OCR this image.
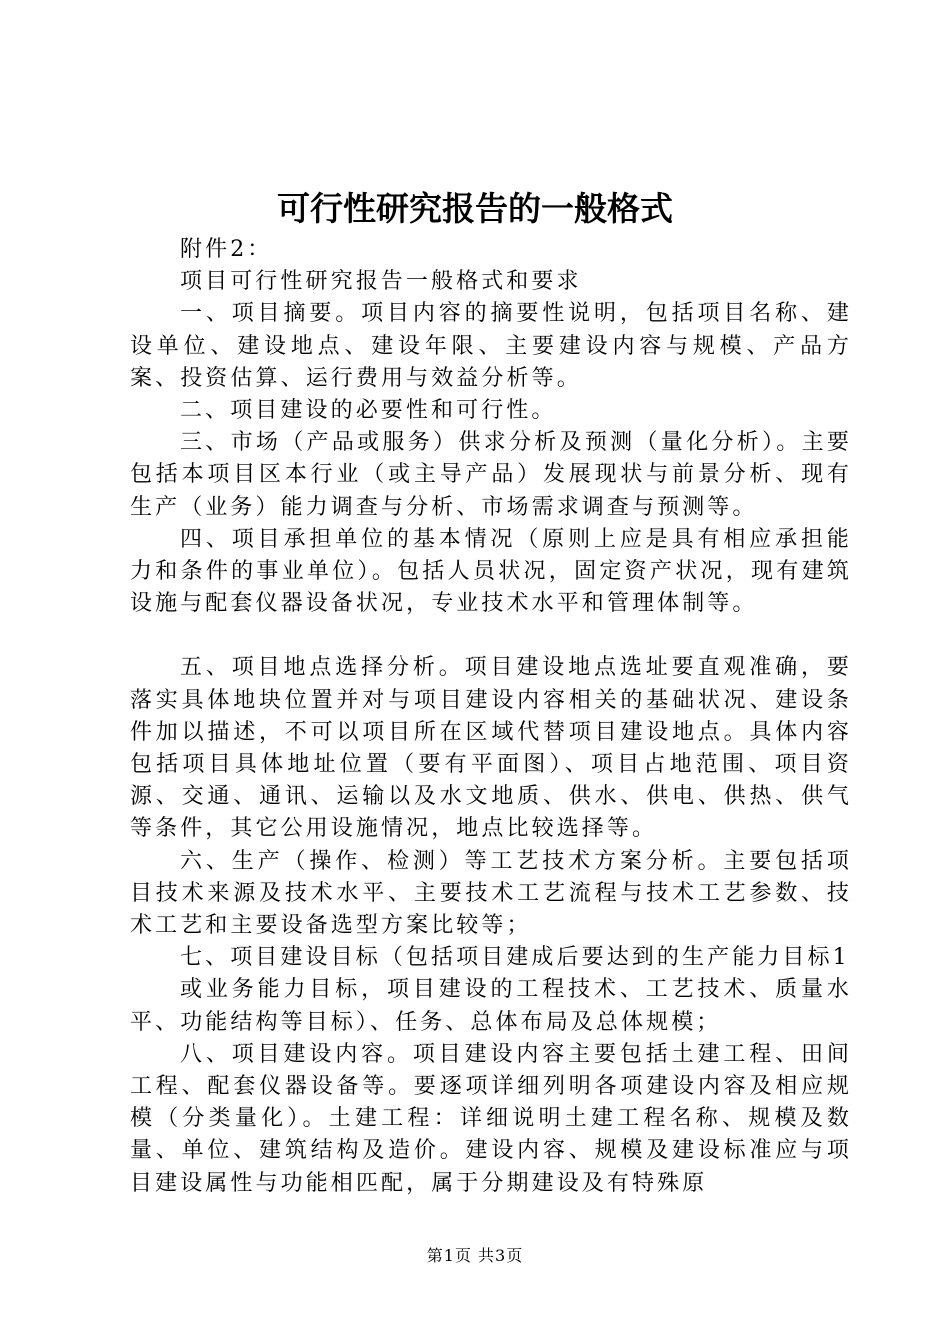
可行性研究报告的一般格式

附件2：

项目可行性研究报告一般格式和要求

一、项目摘要。项目内容的摘要性说明，包括项目名称、建设单位、建设地点、建设年限、主要建设内容与规模、产品方案、投资估算、运行费用与效益分析等。

二、项目建设的必要性和可行性。

三、市场（产品或服务）供求分析及预测（量化分析）。主要包括本项目区本行业（或主导产品）发展现状与前景分析、现有生产（业务）能力调查与分析、市场需求调查与预测等。

四、项目承担单位的基本情况（原则上应是具有相应承担能力和条件的事业单位）。包括人员状况，固定资产状况，现有建筑设施与配套仪器设备状况，专业技术水平和管理体制等。

五、项目地点选择分析。项目建设地点选址要直观准确，要落实具体地块位置并对与项目建设内容相关的基础状况、建设条件加以描述，不可以项目所在区域代替项目建设地点。具体内容包括项目具体地址位置（要有平面图）、项目占地范围、项目资源、交通、通讯、运输以及水文地质、供水、供电、供热、供气等条件，其它公用设施情况，地点比较选择等。

六、生产（操作、检测）等工艺技术方案分析。主要包括项目技术来源及技术水平、主要技术工艺流程与技术工艺参数、技术工艺和主要设备选型方案比较等；

七、项目建设目标（包括项目建成后要达到的生产能力目标1

或业务能力目标，项目建设的工程技术、工艺技术、质量水平、功能结构等目标）、任务、总体布局及总体规模；

八、项目建设内容。项目建设内容主要包括土建工程、田间工程、配套仪器设备等。要逐项详细列明各项建设内容及相应规模（分类量化）。土建工程：详细说明土建工程名称、规模及数量、单位、建筑结构及造价。建设内容、规模及建设标准应与项目建设属性与功能相匹配，属于分期建设及有特殊原

第1页 共3页
